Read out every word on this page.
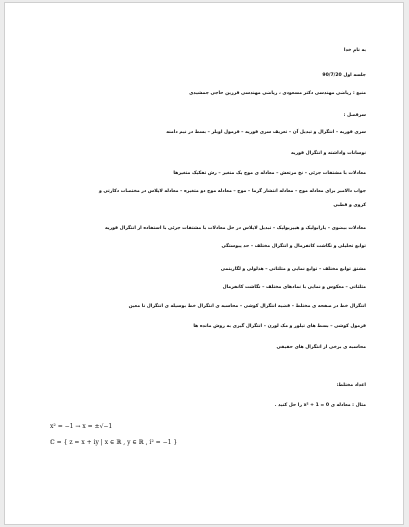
به نام خدا
جلسه اول 90/7/20
منبع : ریاضی مهندسی دکتر مسعودی ، ریاضی مهندسی فرزین حاجی جمشیدی
سرفصل :
سری فوریه – انتگرال و تبدیل آن – تعریف سری فوریه – فرمول اویلر – بسط در نیم دامنه
نوسانات واداشته و انتگرال فوریه
معادلات با مشتقات جزئی – نخ مرتعش – معادله ی موج یک متغیر – رش تفکیک متغیرها
جواب دالامبر برای معادله موج – معادله انتشار گرما – موج – معادله موج دو متغیره – معادله لاپلاس در مختصات دکارتی و
کروی و قطبی
معادلات بیضوی – پارابولیک و هیپربولیک – تبدیل لاپلاس در حل معادلات با مشتقات جزئی با استفاده از انتگرال فوریه
توابع تحلیلی و نگاشت کانفرمال و انتگرال مختلف – حد پیوستگی
مشتق توابع مختلف – توابع نمایی و مثلثاتی – هذلولی و لگاریتمی
مثلثاتی – معکوس و نمایی با نمادهای مختلف – نگاشت کانفرمال
انتگرال خط در صفحه ی مختلط – قضیه انتگرال کوشی – محاسبه ی انتگرال خط بوسیله ی انتگرال نا معین
فرمول کوشی – بسط های تیلور و مک لورن – انتگرال گیری به روش مانده ها
محاسبه ی برخی از انتگرال های حقیقی
اعداد مختلط:
مثال : معادله ی 0 = 1 + x² را حل کنید .
x² = −1 → x = ±√−1
ℂ = { z = x + iy | x ∈ ℝ , y ∈ ℝ , i² = −1 }
